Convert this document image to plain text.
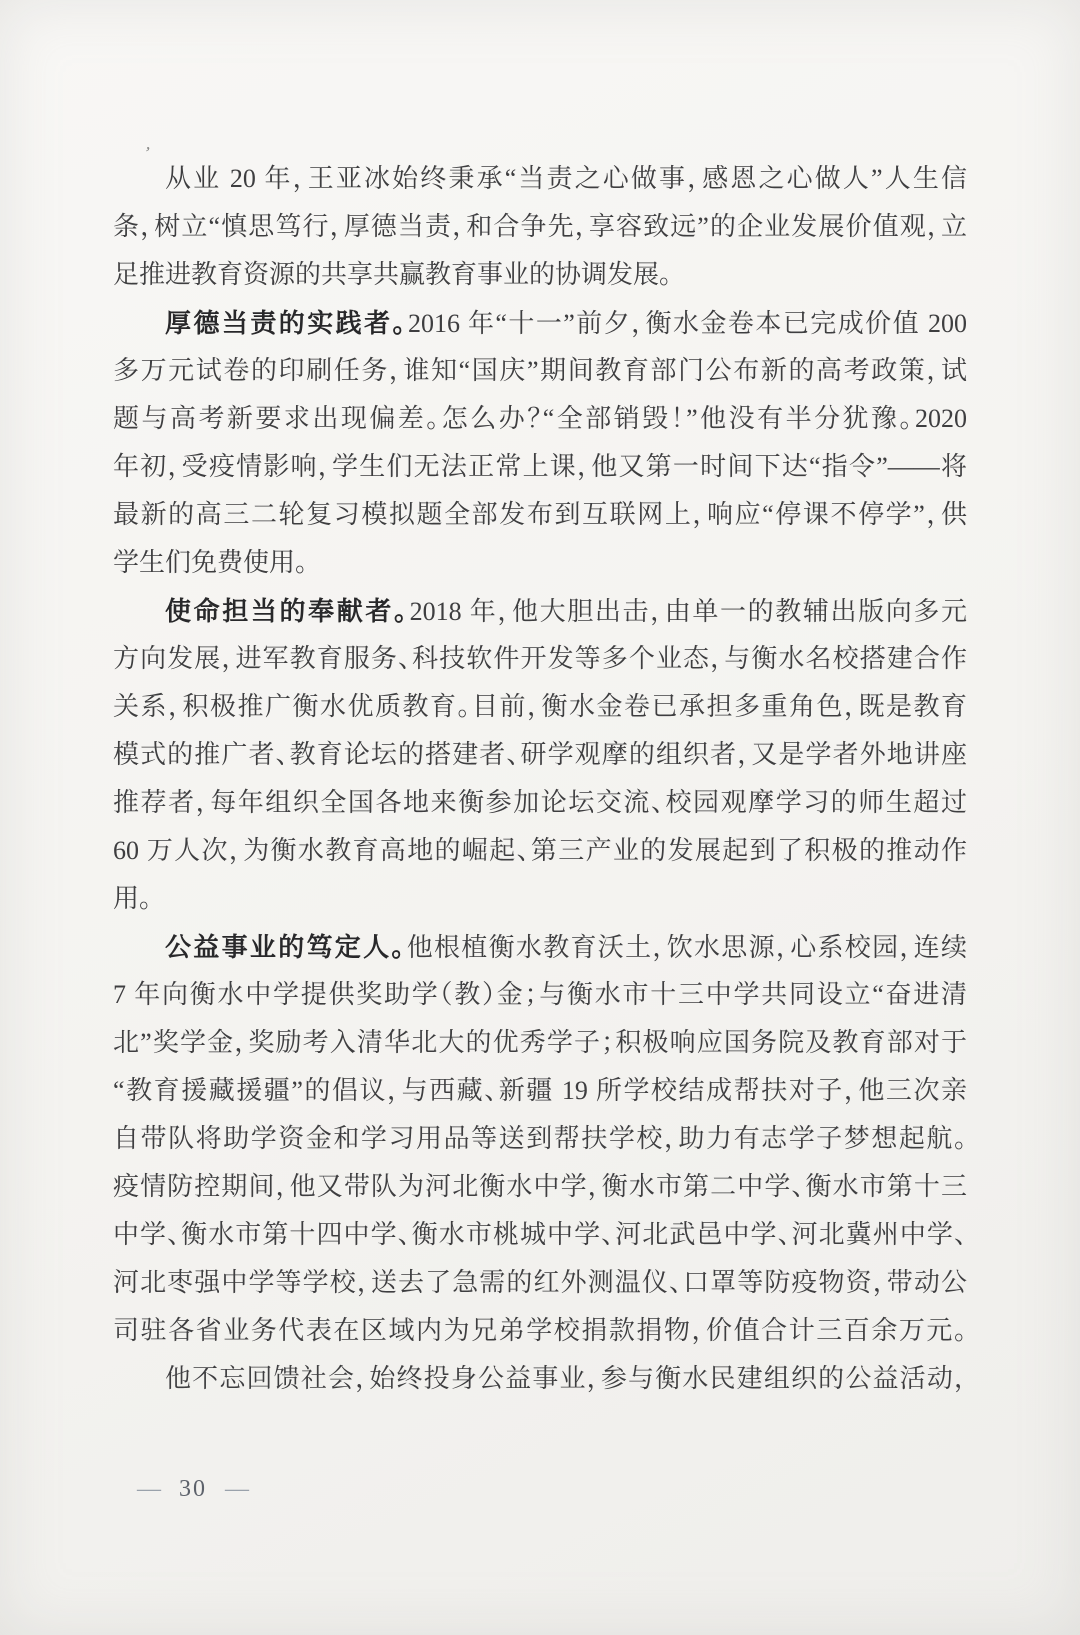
’
从业 20 年，王亚冰始终秉承“当责之心做事，感恩之心做人”人生信
条，树立“慎思笃行，厚德当责，和合争先，享容致远”的企业发展价值观，立
足推进教育资源的共享共赢教育事业的协调发展。
厚德当责的实践者。2016 年“十一”前夕，衡水金卷本已完成价值 200
多万元试卷的印刷任务，谁知“国庆”期间教育部门公布新的高考政策，试
题与高考新要求出现偏差。怎么办？“全部销毁！”他没有半分犹豫。2020
年初，受疫情影响，学生们无法正常上课，他又第一时间下达“指令”——将
最新的高三二轮复习模拟题全部发布到互联网上，响应“停课不停学”，供
学生们免费使用。
使命担当的奉献者。2018 年，他大胆出击，由单一的教辅出版向多元
方向发展，进军教育服务、科技软件开发等多个业态，与衡水名校搭建合作
关系，积极推广衡水优质教育。目前，衡水金卷已承担多重角色，既是教育
模式的推广者、教育论坛的搭建者、研学观摩的组织者，又是学者外地讲座
推荐者，每年组织全国各地来衡参加论坛交流、校园观摩学习的师生超过
60 万人次，为衡水教育高地的崛起、第三产业的发展起到了积极的推动作
用。
公益事业的笃定人。他根植衡水教育沃土，饮水思源，心系校园，连续
7 年向衡水中学提供奖助学（教）金；与衡水市十三中学共同设立“奋进清
北”奖学金，奖励考入清华北大的优秀学子；积极响应国务院及教育部对于
“教育援藏援疆”的倡议，与西藏、新疆 19 所学校结成帮扶对子，他三次亲
自带队将助学资金和学习用品等送到帮扶学校，助力有志学子梦想起航。
疫情防控期间，他又带队为河北衡水中学，衡水市第二中学、衡水市第十三
中学、衡水市第十四中学、衡水市桃城中学、河北武邑中学、河北冀州中学、
河北枣强中学等学校，送去了急需的红外测温仪、口罩等防疫物资，带动公
司驻各省业务代表在区域内为兄弟学校捐款捐物，价值合计三百余万元。
他不忘回馈社会，始终投身公益事业，参与衡水民建组织的公益活动，
— 30 —
